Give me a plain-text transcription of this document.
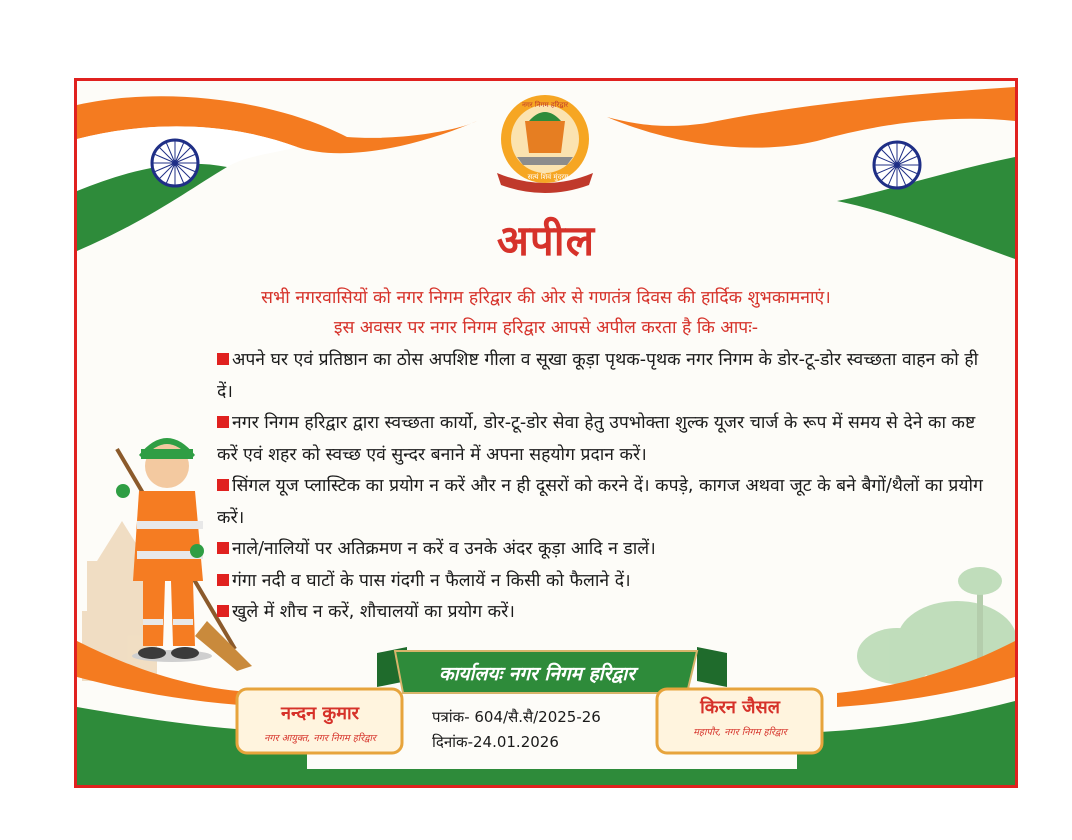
नगर निगम हरिद्वार
सत्यं शिवं मुंदरम
अपील
सभी नगरवासियों को नगर निगम हरिद्वार की ओर से गणतंत्र दिवस की हार्दिक शुभकामनाएं।
इस अवसर पर नगर निगम हरिद्वार आपसे अपील करता है कि आपः-
अपने घर एवं प्रतिष्ठान का ठोस अपशिष्ट गीला व सूखा कूड़ा पृथक-पृथक नगर निगम के डोर-टू-डोर स्वच्छता वाहन को ही दें।
नगर निगम हरिद्वार द्वारा स्वच्छता कार्यो, डोर-टू-डोर सेवा हेतु उपभोक्ता शुल्क यूजर चार्ज के रूप में समय से देने का कष्ट करें एवं शहर को स्वच्छ एवं सुन्दर बनाने में अपना सहयोग प्रदान करें।
सिंगल यूज प्लास्टिक का प्रयोग न करें और न ही दूसरों को करने दें। कपड़े, कागज अथवा जूट के बने बैगों/थैलों का प्रयोग करें।
नाले/नालियों पर अतिक्रमण न करें व उनके अंदर कूड़ा आदि न डालें।
गंगा नदी व घाटों के पास गंदगी न फैलायें न किसी को फैलाने दें।
खुले में शौच न करें, शौचालयों का प्रयोग करें।
कार्यालयः नगर निगम हरिद्वार
नन्दन कुमार
नगर आयुक्त, नगर निगम हरिद्वार
किरन जैसल
महापौर, नगर निगम हरिद्वार
पत्रांक- 604/सै.सै/2025-26
दिनांक-24.01.2026
